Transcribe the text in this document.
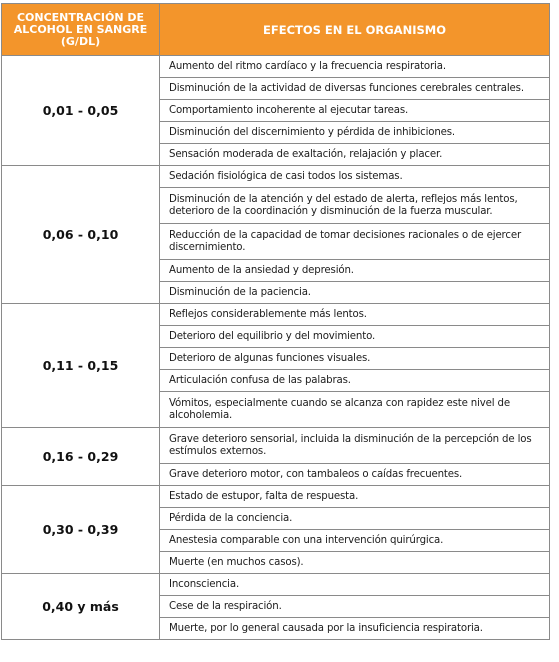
CONCENTRACIÓN DE
ALCOHOL EN SANGRE
(G/DL)	EFECTOS EN EL ORGANISMO
0,01 - 0,05	Aumento del ritmo cardíaco y la frecuencia respiratoria.
	Disminución de la actividad de diversas funciones cerebrales centrales.
	Comportamiento incoherente al ejecutar tareas.
	Disminución del discernimiento y pérdida de inhibiciones.
	Sensación moderada de exaltación, relajación y placer.
0,06 - 0,10	Sedación fisiológica de casi todos los sistemas.
	Disminución de la atención y del estado de alerta, reflejos más lentos, deterioro de la coordinación y disminución de la fuerza muscular.
	Reducción de la capacidad de tomar decisiones racionales o de ejercer discernimiento.
	Aumento de la ansiedad y depresión.
	Disminución de la paciencia.
0,11 - 0,15	Reflejos considerablemente más lentos.
	Deterioro del equilibrio y del movimiento.
	Deterioro de algunas funciones visuales.
	Articulación confusa de las palabras.
	Vómitos, especialmente cuando se alcanza con rapidez este nivel de alcoholemia.
0,16 - 0,29	Grave deterioro sensorial, incluida la disminución de la percepción de los estímulos externos.
	Grave deterioro motor, con tambaleos o caídas frecuentes.
0,30 - 0,39	Estado de estupor, falta de respuesta.
	Pérdida de la conciencia.
	Anestesia comparable con una intervención quirúrgica.
	Muerte (en muchos casos).
0,40 y más	Inconsciencia.
	Cese de la respiración.
	Muerte, por lo general causada por la insuficiencia respiratoria.
